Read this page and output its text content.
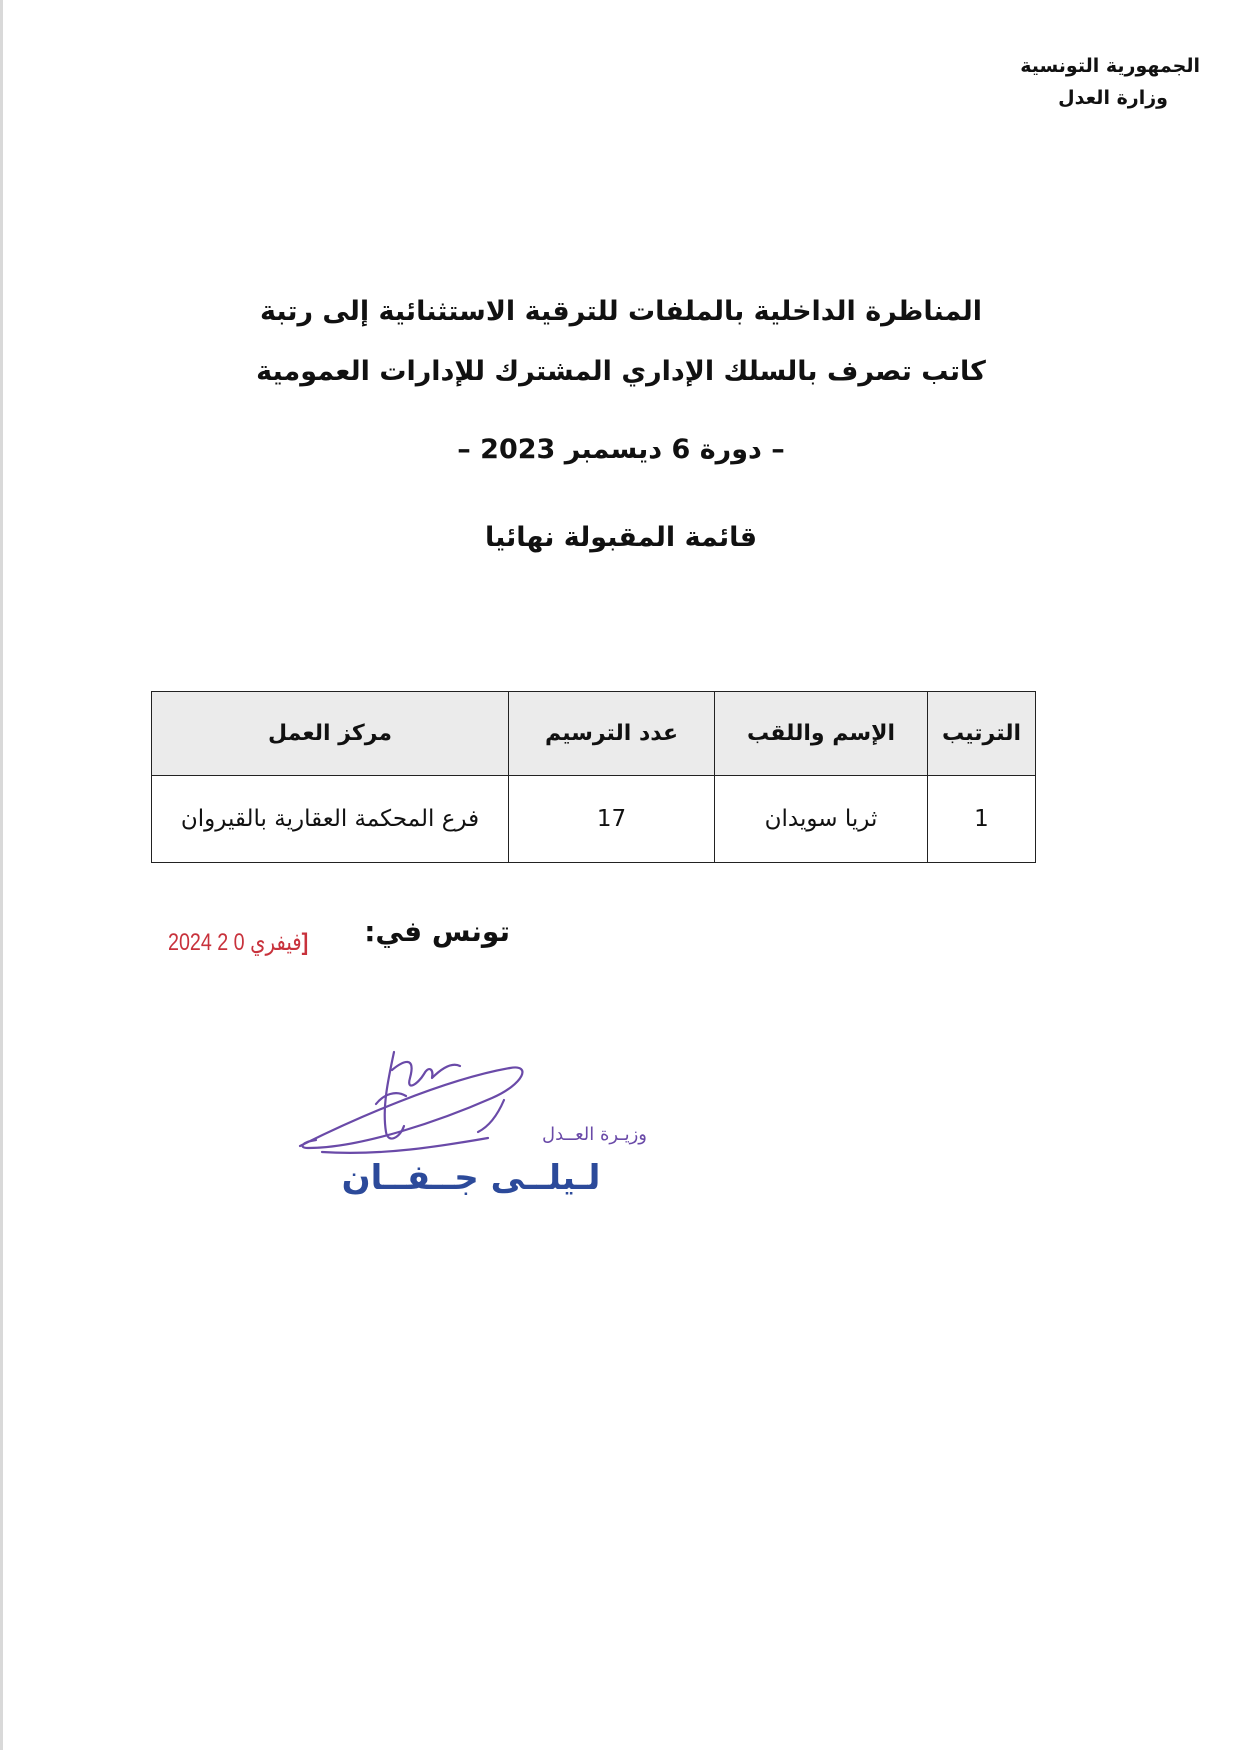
الجمهورية التونسية
وزارة العدل
المناظرة الداخلية بالملفات للترقية الاستثنائية إلى رتبة
كاتب تصرف بالسلك الإداري المشترك للإدارات العمومية
– دورة 6 ديسمبر 2023 –
قائمة المقبولة نهائيا
الترتيب	الإسم واللقب	عدد الترسيم	مركز العمل
1	ثريا سويدان	17	فرع المحكمة العقارية بالقيروان
تونس في:
2024 فيفري 0 2 ]
وزيـرة العــدل
لـيلــى جــفــان
